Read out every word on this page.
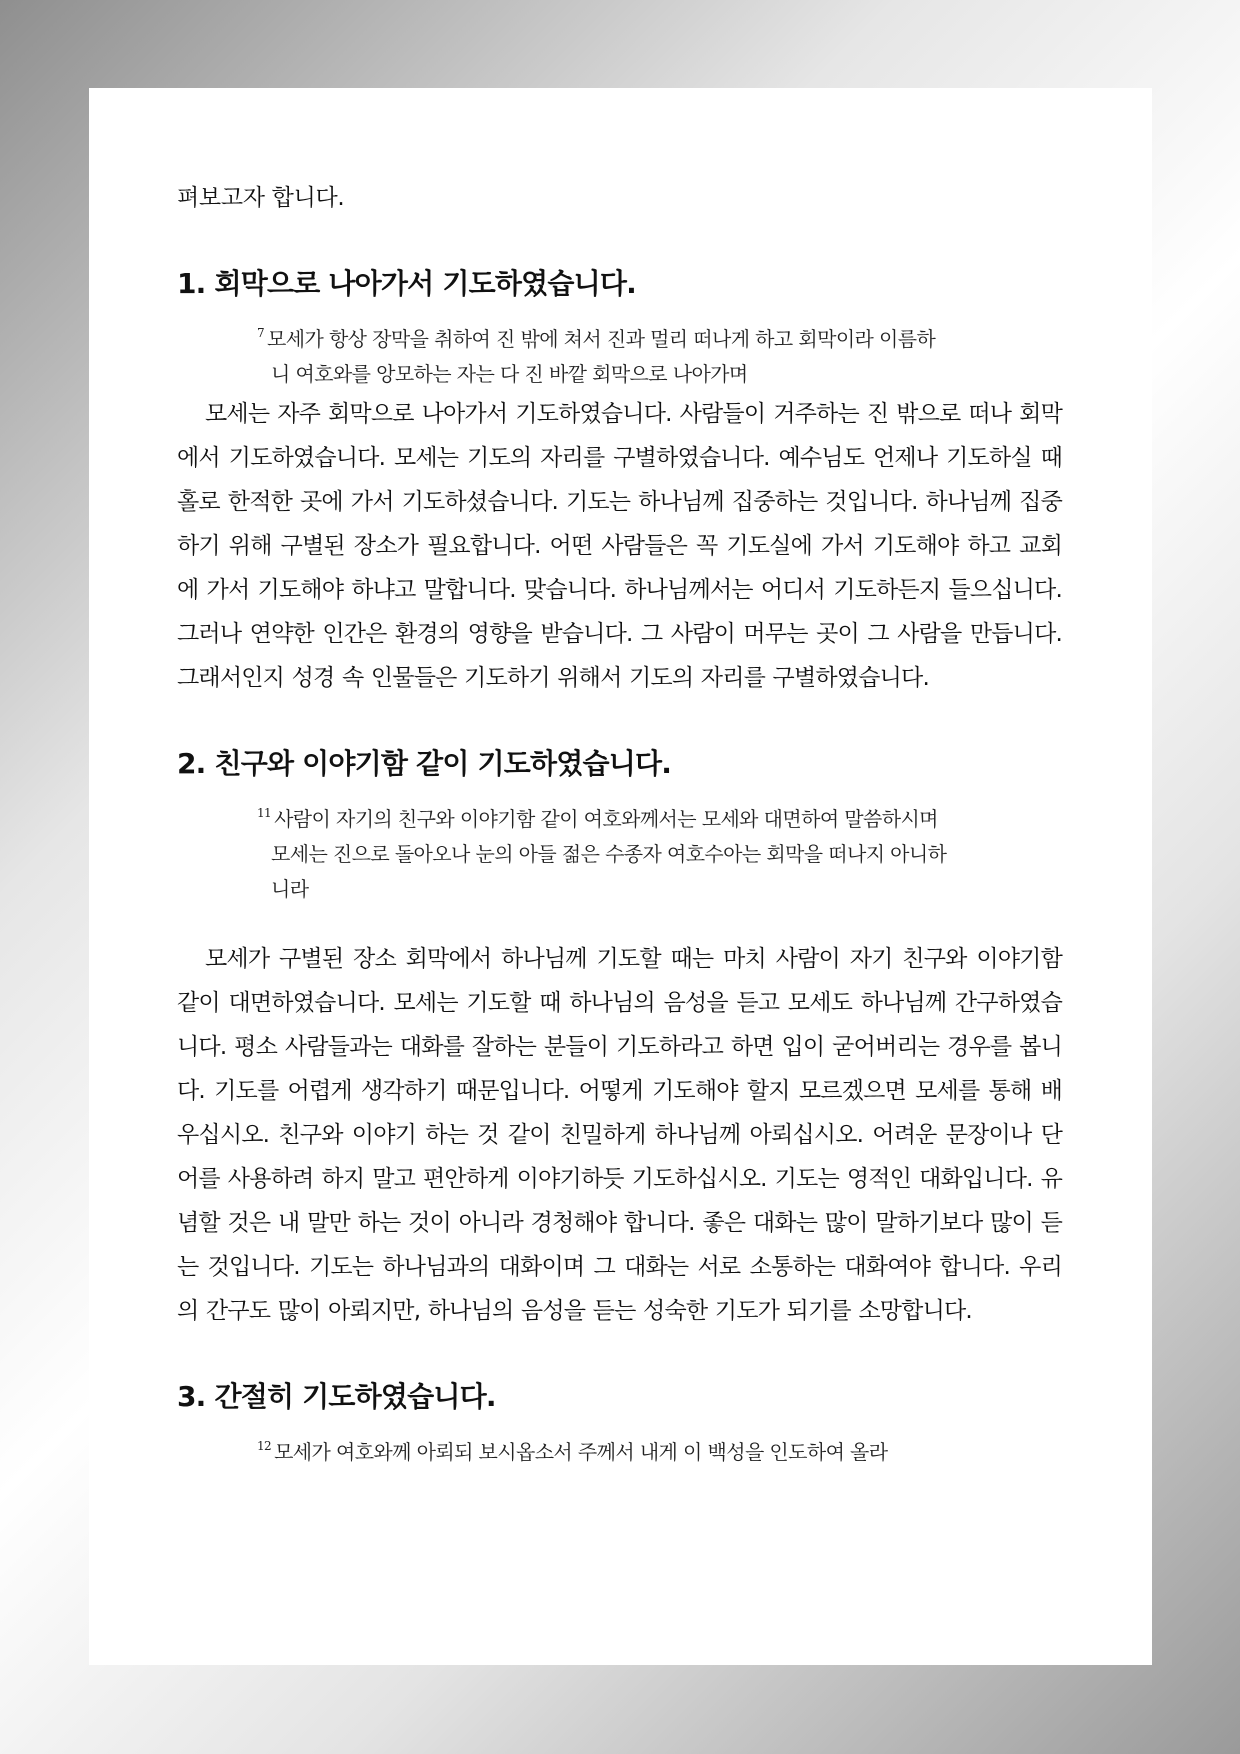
펴보고자 합니다.

1. 회막으로 나아가서 기도하였습니다.

$^7$ 모세가 항상 장막을 취하여 진 밖에 쳐서 진과 멀리 떠나게 하고 회막이라 이름하니 여호와를 앙모하는 자는 다 진 바깥 회막으로 나아가며

모세는 자주 회막으로 나아가서 기도하였습니다. 사람들이 거주하는 진 밖으로 떠나 회막에서 기도하였습니다. 모세는 기도의 자리를 구별하였습니다. 예수님도 언제나 기도하실 때 홀로 한적한 곳에 가서 기도하셨습니다. 기도는 하나님께 집중하는 것입니다. 하나님께 집중하기 위해 구별된 장소가 필요합니다. 어떤 사람들은 꼭 기도실에 가서 기도해야 하고 교회에 가서 기도해야 하냐고 말합니다. 맞습니다. 하나님께서는 어디서 기도하든지 들으십니다. 그러나 연약한 인간은 환경의 영향을 받습니다. 그 사람이 머무는 곳이 그 사람을 만듭니다. 그래서인지 성경 속 인물들은 기도하기 위해서 기도의 자리를 구별하였습니다.

2. 친구와 이야기함 같이 기도하였습니다.

$^{11}$ 사람이 자기의 친구와 이야기함 같이 여호와께서는 모세와 대면하여 말씀하시며 모세는 진으로 돌아오나 눈의 아들 젊은 수종자 여호수아는 회막을 떠나지 아니하니라

모세가 구별된 장소 회막에서 하나님께 기도할 때는 마치 사람이 자기 친구와 이야기함 같이 대면하였습니다. 모세는 기도할 때 하나님의 음성을 듣고 모세도 하나님께 간구하였습니다. 평소 사람들과는 대화를 잘하는 분들이 기도하라고 하면 입이 굳어버리는 경우를 봅니다. 기도를 어렵게 생각하기 때문입니다. 어떻게 기도해야 할지 모르겠으면 모세를 통해 배우십시오. 친구와 이야기 하는 것 같이 친밀하게 하나님께 아뢰십시오. 어려운 문장이나 단어를 사용하려 하지 말고 편안하게 이야기하듯 기도하십시오. 기도는 영적인 대화입니다. 유념할 것은 내 말만 하는 것이 아니라 경청해야 합니다. 좋은 대화는 많이 말하기보다 많이 듣는 것입니다. 기도는 하나님과의 대화이며 그 대화는 서로 소통하는 대화여야 합니다. 우리의 간구도 많이 아뢰지만, 하나님의 음성을 듣는 성숙한 기도가 되기를 소망합니다.

3. 간절히 기도하였습니다.

$^{12}$ 모세가 여호와께 아뢰되 보시옵소서 주께서 내게 이 백성을 인도하여 올라
